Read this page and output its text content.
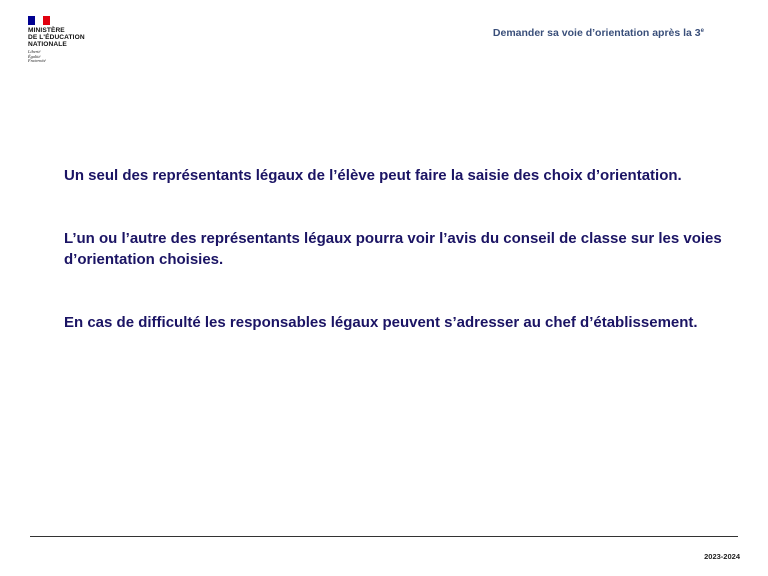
MINISTÈRE
DE L'ÉDUCATION
NATIONALE
Liberté
Égalité
Fraternité
Demander sa voie d’orientation après la 3e

Un seul des représentants légaux de l’élève peut faire la saisie des choix d’orientation.

L’un ou l’autre des représentants légaux pourra voir l’avis du conseil de classe sur les voies d’orientation choisies.

En cas de difficulté les responsables légaux peuvent s’adresser au chef d’établissement.

2023-2024
